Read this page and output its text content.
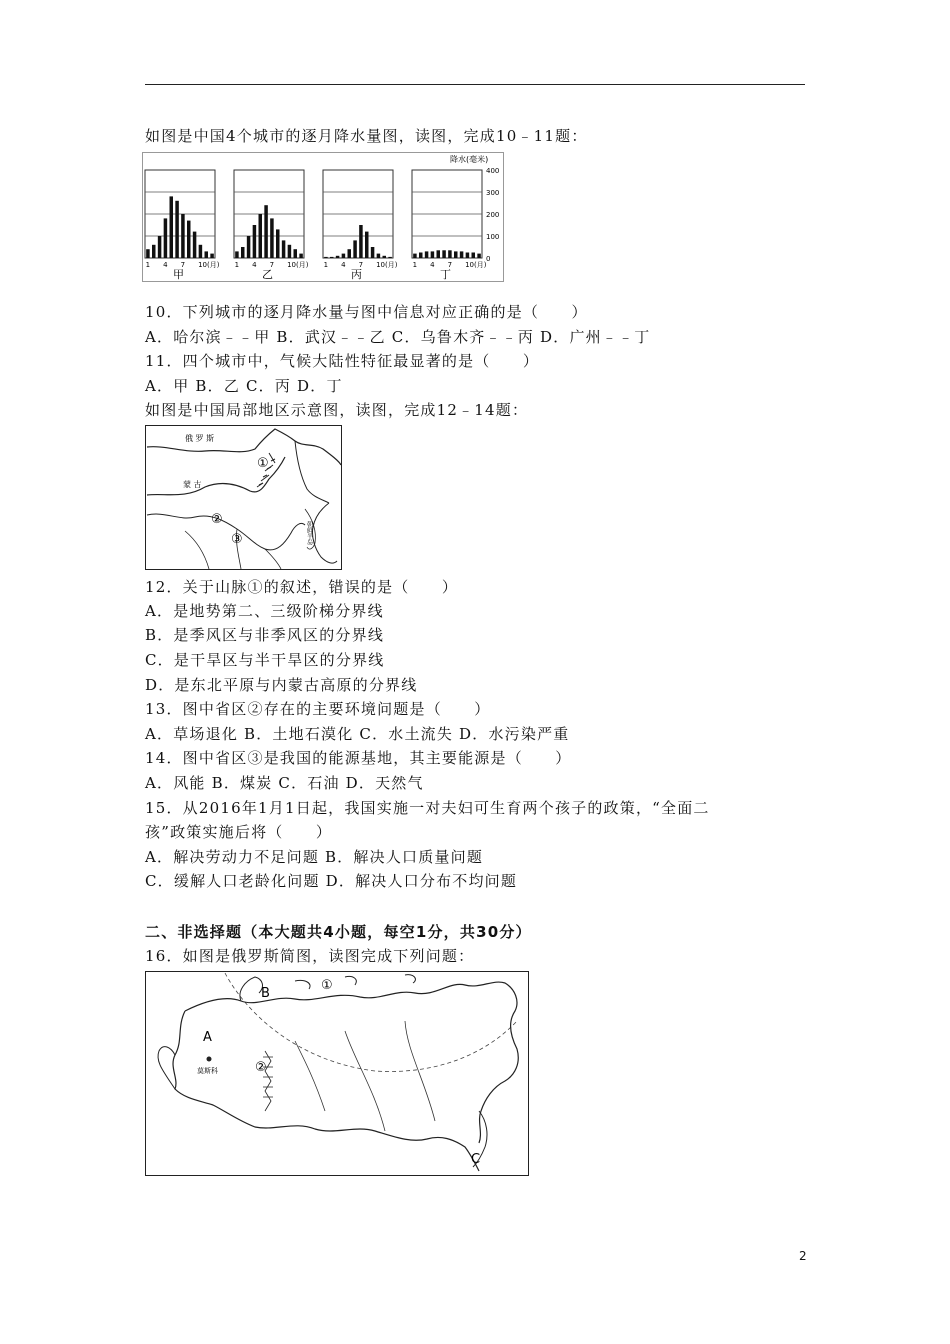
如图是中国4个城市的逐月降水量图，读图，完成10﹣11题：
1 4 7 10(月)
甲
1 4 7 10(月)
乙
1 4 7 10(月)
丙
1 4 7 10(月)
丁
降水(毫米)
400
300
200
100
0
10．下列城市的逐月降水量与图中信息对应正确的是（　　）
A．哈尔滨﹣﹣甲 B．武汉﹣﹣乙 C．乌鲁木齐﹣﹣丙 D．广州﹣﹣丁
11．四个城市中，气候大陆性特征最显著的是（　　）
A．甲 B．乙 C．丙 D．丁
如图是中国局部地区示意图，读图，完成12﹣14题：
俄 罗 斯
蒙 古
朝鲜半岛
①
②
③
12．关于山脉①的叙述，错误的是（　　）
A．是地势第二、三级阶梯分界线
B．是季风区与非季风区的分界线
C．是干旱区与半干旱区的分界线
D．是东北平原与内蒙古高原的分界线
13．图中省区②存在的主要环境问题是（　　）
A．草场退化 B．土地石漠化 C．水土流失 D．水污染严重
14．图中省区③是我国的能源基地，其主要能源是（　　）
A．风能 B．煤炭 C．石油 D．天然气
15．从2016年1月1日起，我国实施一对夫妇可生育两个孩子的政策，“全面二
孩”政策实施后将（　　）
A．解决劳动力不足问题 B．解决人口质量问题
C．缓解人口老龄化问题 D．解决人口分布不均问题
二、非选择题（本大题共4小题，每空1分，共30分）
16．如图是俄罗斯简图，读图完成下列问题：
A
B
C
①
②
莫斯科
2
